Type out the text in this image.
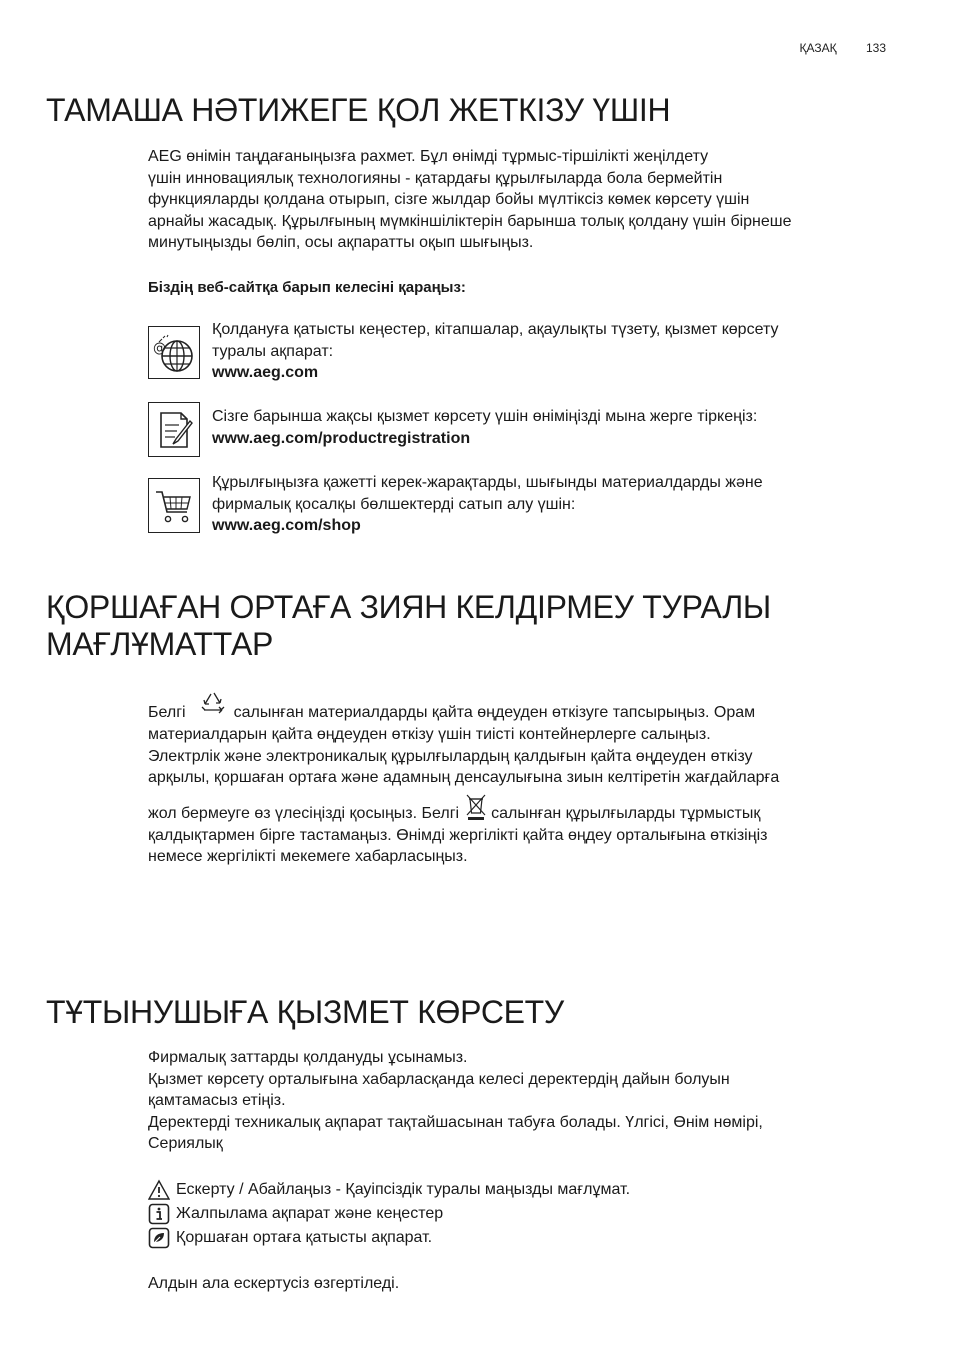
ҚАЗАҚ 133
ТАМАША НӘТИЖЕГЕ ҚОЛ ЖЕТКІЗУ ҮШІН

AEG өнімін таңдағаныңызға рахмет. Бұл өнімді тұрмыс-тіршілікті жеңілдету
үшін инновациялық технологияны - қатардағы құрылғыларда бола бермейтін
функцияларды қолдана отырып, сізге жылдар бойы мүлтіксіз көмек көрсету үшін
арнайы жасадық. Құрылғының мүмкіншіліктерін барынша толық қолдану үшін бірнеше
минутыңызды бөліп, осы ақпаратты оқып шығыңыз.

Біздің веб-сайтқа барып келесіні қараңыз:

@
Қолдануға қатысты кеңестер, кітапшалар, ақаулықты түзету, қызмет көрсету
туралы ақпарат:
www.aeg.com
Сізге барынша жақсы қызмет көрсету үшін өніміңізді мына жерге тіркеңіз:
www.aeg.com/productregistration
Құрылғыңызға қажетті керек-жарақтарды, шығынды материалдарды және
фирмалық қосалқы бөлшектерді сатып алу үшін:
www.aeg.com/shop
ҚОРШАҒАН ОРТАҒА ЗИЯН КЕЛДІРМЕУ ТУРАЛЫ
МАҒЛҰМАТТАР
Белгі	салынған материалдарды қайта өңдеуден өткізуге тапсырыңыз. Орам
материалдарын қайта өңдеуден өткізу үшін тиісті контейнерлерге салыңыз.
Электрлік және электроникалық құрылғылардың қалдығын қайта өңдеуден өткізу
арқылы, қоршаған ортаға және адамның денсаулығына зиын келтіретін жағдайларға
жол бермеуге өз үлесіңізді қосыңыз. Белгі салынған құрылғыларды тұрмыстық
қалдықтармен бірге тастамаңыз. Өнімді жергілікті қайта өңдеу орталығына өткізіңіз
немесе жергілікті мекемеге хабарласыңыз.
ТҰТЫНУШЫҒА ҚЫЗМЕТ КӨРСЕТУ

Фирмалық заттарды қолдануды ұсынамыз.
Қызмет көрсету орталығына хабарласқанда келесі деректердің дайын болуын
қамтамасыз етіңіз.
Деректерді техникалық ақпарат тақтайшасынан табуға болады. Үлгісі, Өнім нөмірі,
Сериялық

Ескерту / Абайлаңыз - Қауіпсіздік туралы маңызды мағлұмат.
Жалпылама ақпарат және кеңестер
Қоршаған ортаға қатысты ақпарат.

Алдын ала ескертусіз өзгертіледі.
